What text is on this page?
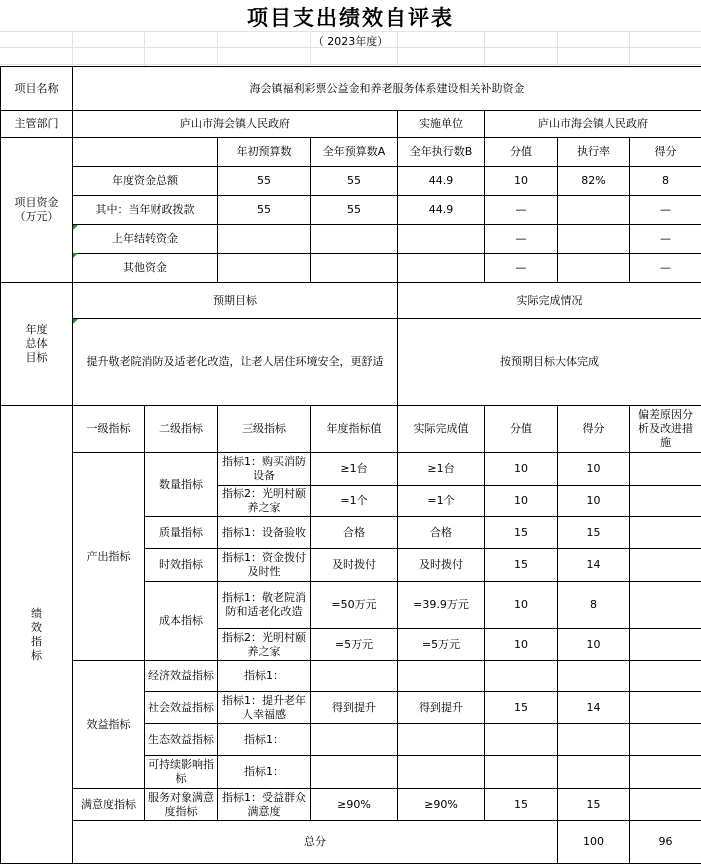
项目支出绩效自评表
（ 2023年度）
项目名称	海会镇福利彩票公益金和养老服务体系建设相关补助资金								
主管部门	庐山市海会镇人民政府				实施单位	庐山市海会镇人民政府			
项目资金（万元）			年初预算数	全年预算数A	全年执行数B	分值	执行率	得分	
	年度资金总额		55	55	44.9	10	82%	8	
	其中：当年财政拨款		55	55	44.9	—		—	
	上年结转资金					—		—	
	其他资金					—		—	
年度总体目标	预期目标				实际完成情况				
	提升敬老院消防及适老化改造，让老人居住环境安全，更舒适				按预期目标大体完成				
绩效指标	一级指标	二级指标	三级指标	年度指标值	实际完成值	分值	得分	偏差原因分析及改进措施	
	产出指标	数量指标	指标1：购买消防设备	≥1台	≥1台	10	10		
			指标2：光明村颐养之家	=1个	=1个	10	10		
		质量指标	指标1：设备验收	合格	合格	15	15		
		时效指标	指标1：资金拨付及时性	及时拨付	及时拨付	15	14		
		成本指标	指标1：敬老院消防和适老化改造	=50万元	=39.9万元	10	8		
			指标2：光明村颐养之家	=5万元	=5万元	10	10		
	效益指标	经济效益指标	指标1：						
		社会效益指标	指标1：提升老年人幸福感	得到提升	得到提升	15	14		
		生态效益指标	指标1：						
		可持续影响指标	指标1：						
	满意度指标	服务对象满意度指标	指标1：受益群众满意度	≥90%	≥90%	15	15		
	总分						100	96	
